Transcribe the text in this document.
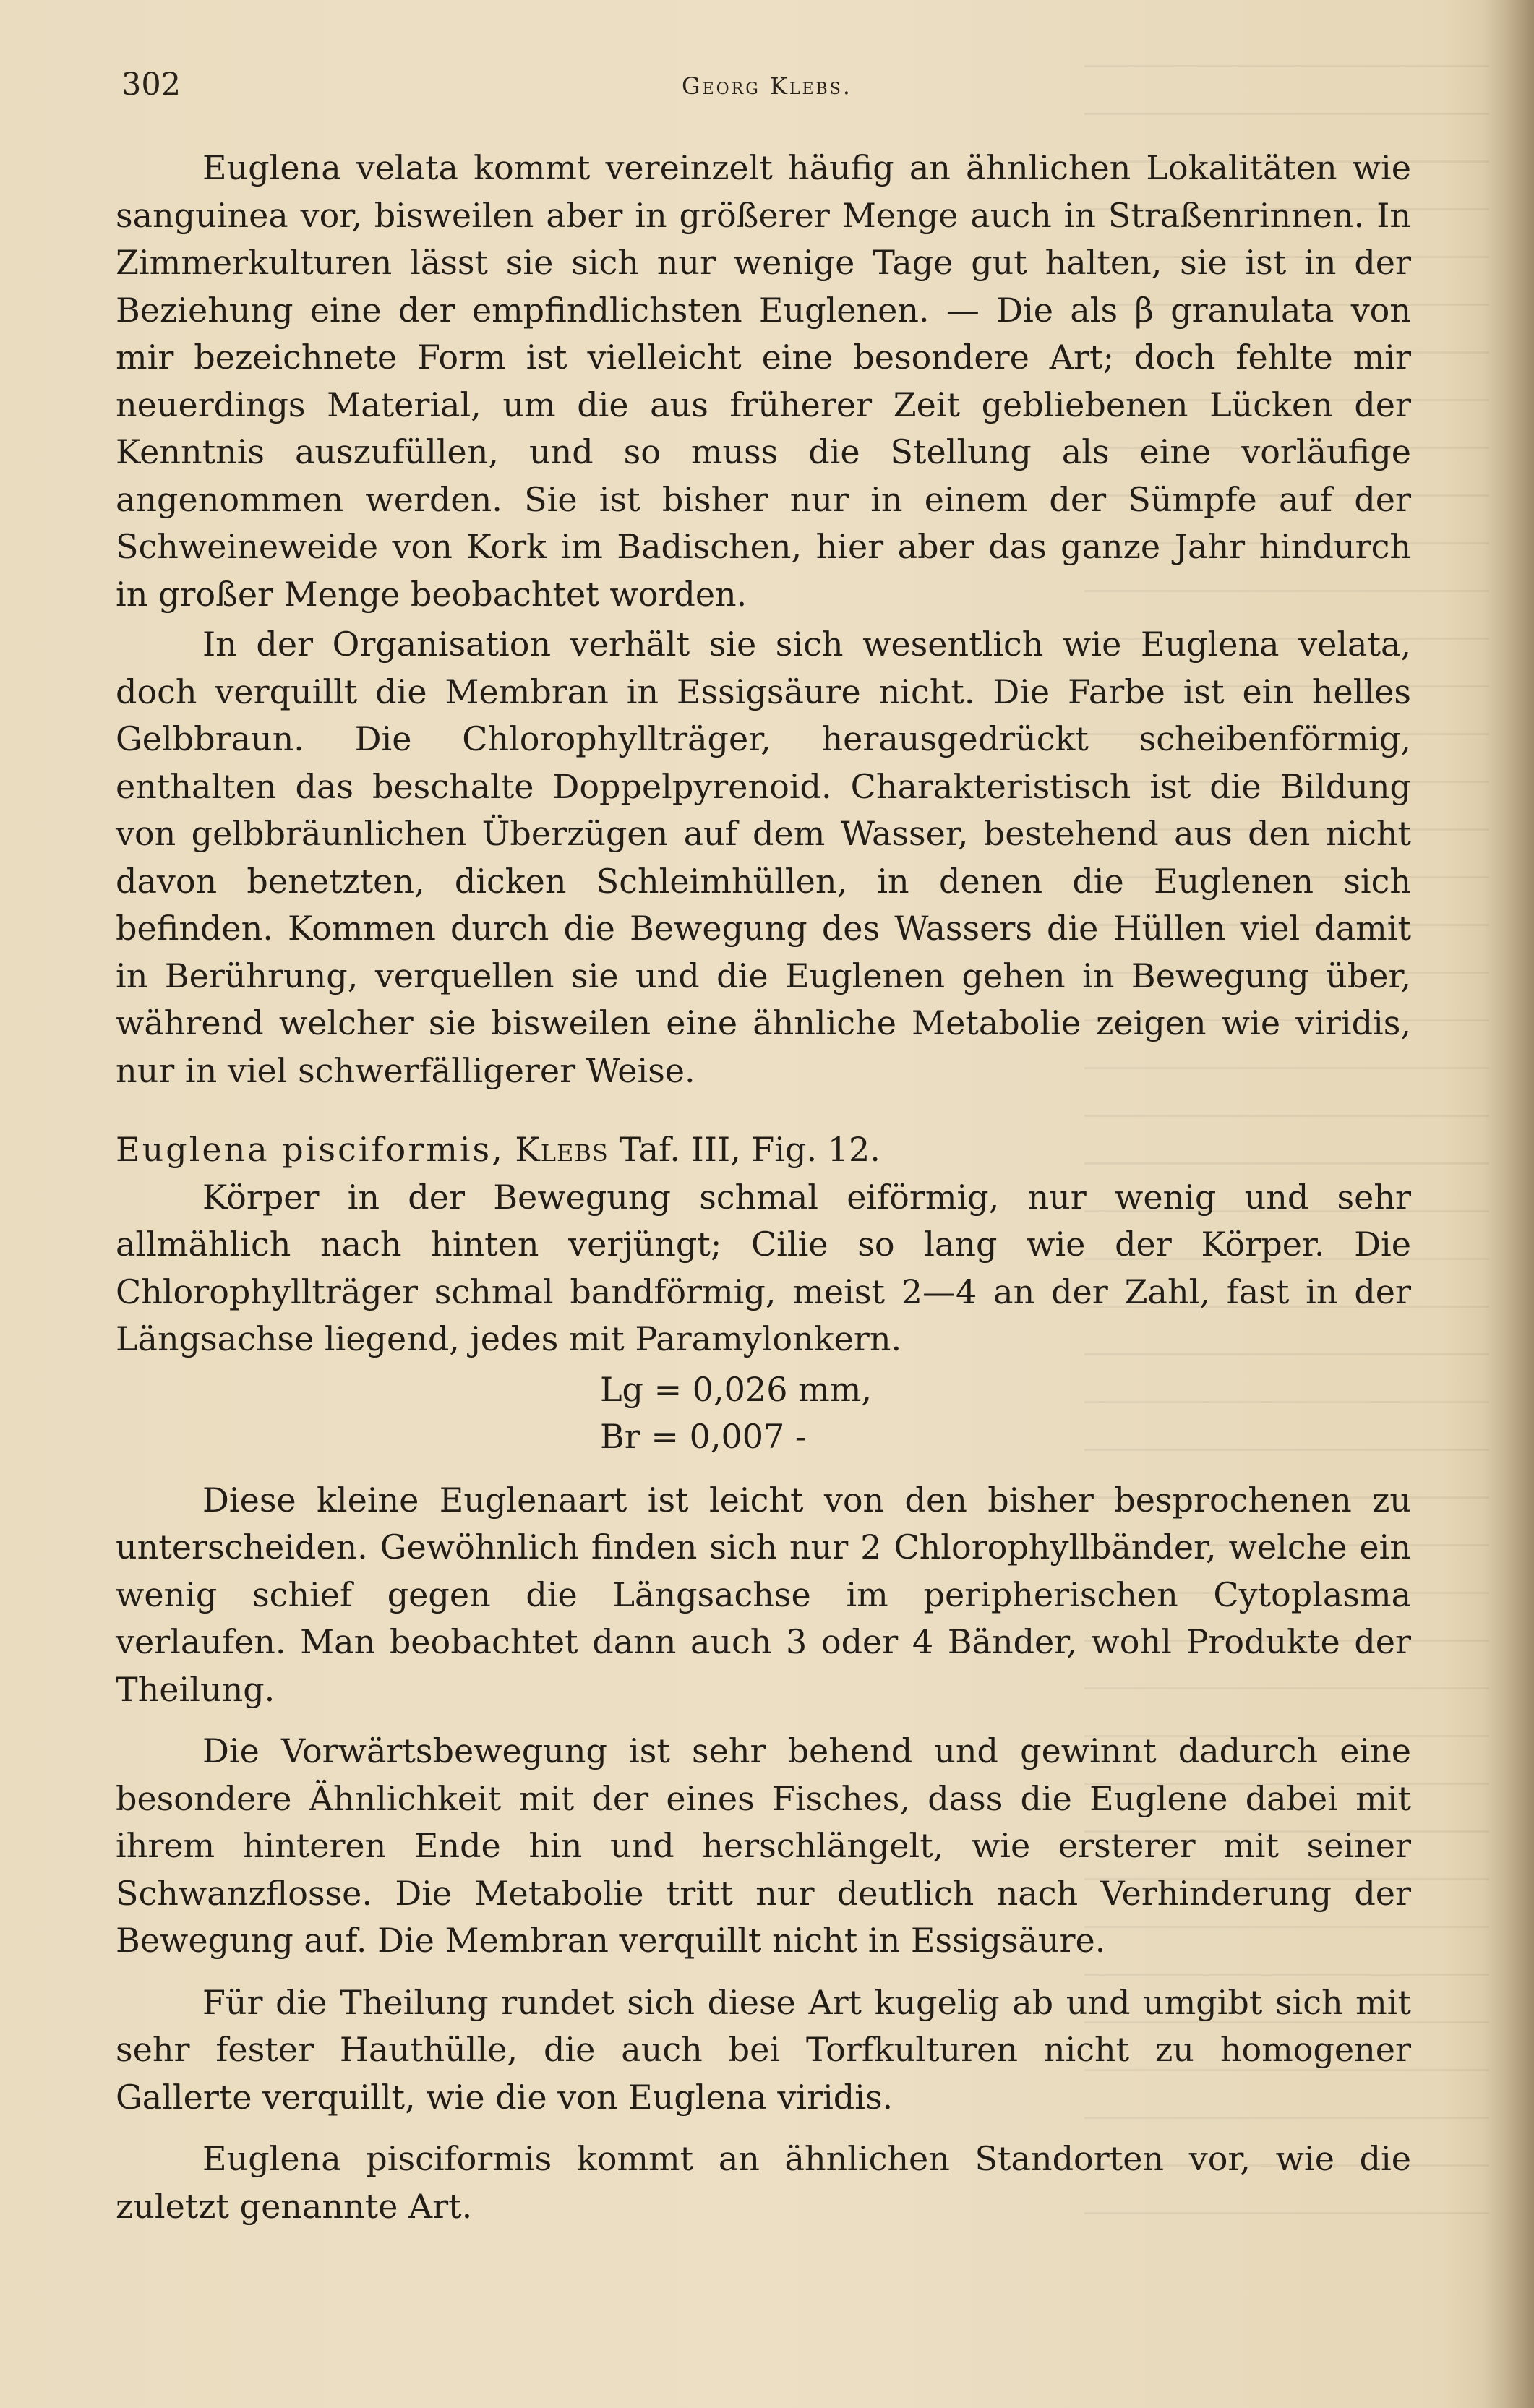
302	Georg Klebs.

Euglena velata kommt vereinzelt häufig an ähnlichen Lokalitäten wie sanguinea vor, bisweilen aber in größerer Menge auch in Straßenrinnen. In Zimmerkulturen lässt sie sich nur wenige Tage gut halten, sie ist in der Beziehung eine der empfindlichsten Euglenen. — Die als β granulata von mir bezeichnete Form ist vielleicht eine besondere Art; doch fehlte mir neuerdings Material, um die aus früherer Zeit gebliebenen Lücken der Kenntnis auszufüllen, und so muss die Stellung als eine vorläufige angenommen werden. Sie ist bisher nur in einem der Sümpfe auf der Schweineweide von Kork im Badischen, hier aber das ganze Jahr hindurch in großer Menge beobachtet worden.

In der Organisation verhält sie sich wesentlich wie Euglena velata, doch verquillt die Membran in Essigsäure nicht. Die Farbe ist ein helles Gelbbraun. Die Chlorophyllträger, herausgedrückt scheibenförmig, enthalten das beschalte Doppelpyrenoid. Charakteristisch ist die Bildung von gelbbräunlichen Überzügen auf dem Wasser, bestehend aus den nicht davon benetzten, dicken Schleimhüllen, in denen die Euglenen sich befinden. Kommen durch die Bewegung des Wassers die Hüllen viel damit in Berührung, verquellen sie und die Euglenen gehen in Bewegung über, während welcher sie bisweilen eine ähnliche Metabolie zeigen wie viridis, nur in viel schwerfälligerer Weise.

Euglena pisciformis, Klebs Taf. III, Fig. 12.

Körper in der Bewegung schmal eiförmig, nur wenig und sehr allmählich nach hinten verjüngt; Cilie so lang wie der Körper. Die Chlorophyllträger schmal bandförmig, meist 2—4 an der Zahl, fast in der Längsachse liegend, jedes mit Paramylonkern.

Lg = 0,026 mm,
Br = 0,007 -

Diese kleine Euglenaart ist leicht von den bisher besprochenen zu unterscheiden. Gewöhnlich finden sich nur 2 Chlorophyllbänder, welche ein wenig schief gegen die Längsachse im peripherischen Cytoplasma verlaufen. Man beobachtet dann auch 3 oder 4 Bänder, wohl Produkte der Theilung.

Die Vorwärtsbewegung ist sehr behend und gewinnt dadurch eine besondere Ähnlichkeit mit der eines Fisches, dass die Euglene dabei mit ihrem hinteren Ende hin und herschlängelt, wie ersterer mit seiner Schwanzflosse. Die Metabolie tritt nur deutlich nach Verhinderung der Bewegung auf. Die Membran verquillt nicht in Essigsäure.

Für die Theilung rundet sich diese Art kugelig ab und umgibt sich mit sehr fester Hauthülle, die auch bei Torfkulturen nicht zu homogener Gallerte verquillt, wie die von Euglena viridis.

Euglena pisciformis kommt an ähnlichen Standorten vor, wie die zuletzt genannte Art.
